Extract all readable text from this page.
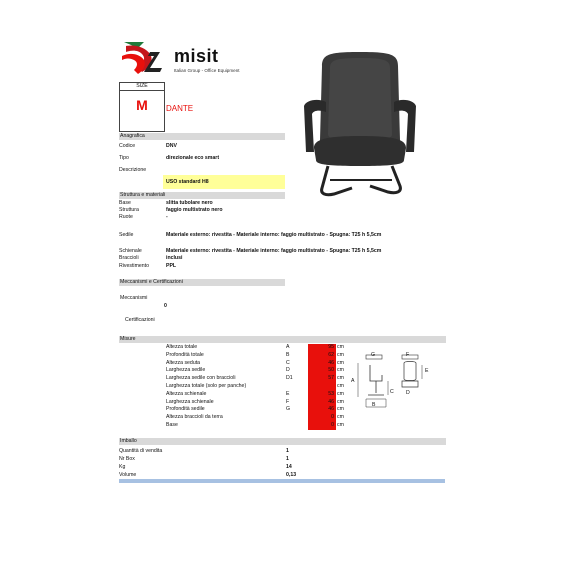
misit
Italian Group - Office Equipment
SIZE
M	DANTE
Anagrafica
Codice	DNV
Tipo	direzionale eco smart
Descrizione
USO standard H8
Struttura e materiali
Base	slitta tubolare nero
Struttura	faggio multistrato nero
Ruote	-
Sedile	Materiale esterno: rivestita - Materiale interno: faggio multistrato - Spugna: T25 h 5,5cm
Schienale	Materiale esterno: rivestita - Materiale interno: faggio multistrato - Spugna: T25 h 5,5cm
Braccioli	inclusi
Rivestimento	PPL
Meccanismi e Certificazioni
Meccanismi
0
Certificazioni
Misure
Altezza totale	A	95 cm
Profondità totale	B	62 cm
Altezza seduta	C	46 cm
Larghezza sedile	D	50 cm
Larghezza sedile con braccioli	D1	57 cm
Larghezza totale (solo per panche)	cm
Altezza schienale	E	53 cm
Larghezza schienale	F	46 cm
Profondità sedile	G	46 cm
Altezza braccioli da terra	0 cm
Base	0 cm
G	F
A
E
C D
B
Imballo
Quantità di vendita	1
Nr Box	1
Kg	14
Volume	0,13
